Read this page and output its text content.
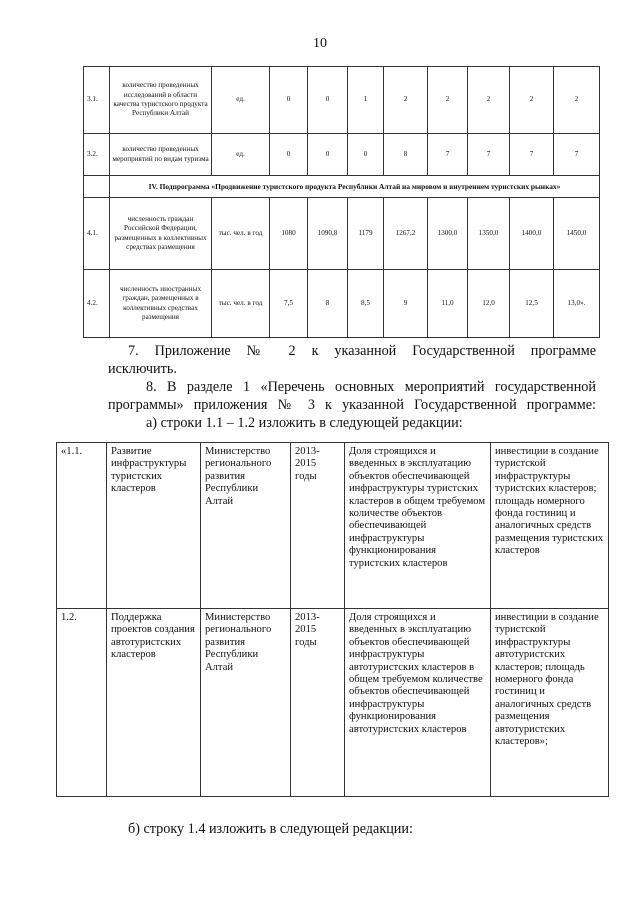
10
3.1.	количество проведенных исследований в области качества туристского продукта Республики Алтай	ед.	0	0	1	2	2	2	2	2
3.2.	количество проведенных мероприятий по видам туризма	ед.	0	0	0	8	7	7	7	7
	IV. Подпрограмма «Продвижение туристского продукта Республики Алтай на мировом и внутреннем туристских рынках»									
4.1.	численность граждан Российской Федерации, размещенных в коллективных средствах размещения	тыс. чел. в год	1080	1090,8	1179	1267,2	1300,0	1350,0	1400,0	1450,0
4.2.	численность иностранных граждан, размещенных в коллективных средствах размещения	тыс. чел. в год	7,5	8	8,5	9	11,0	12,0	12,5	13,0».

7. Приложение № 2 к указанной Государственной программе

исключить.

8. В разделе 1 «Перечень основных мероприятий государственной

программы» приложения № 3 к указанной Государственной программе:

а) строки 1.1 – 1.2 изложить в следующей редакции:

«1.1.	Развитие инфраструктуры туристских кластеров	Министерство регионального развития Республики Алтай	2013-2015 годы	Доля строящихся и введенных в эксплуатацию объектов обеспечивающей инфраструктуры туристских кластеров в общем требуемом количестве объектов обеспечивающей инфраструктуры функционирования туристских кластеров	инвестиции в создание туристской инфраструктуры туристских кластеров; площадь номерного фонда гостиниц и аналогичных средств размещения туристских кластеров
1.2.	Поддержка проектов создания автотуристских кластеров	Министерство регионального развития Республики Алтай	2013-2015 годы	Доля строящихся и введенных в эксплуатацию объектов обеспечивающей инфраструктуры автотуристских кластеров в общем требуемом количестве объектов обеспечивающей инфраструктуры функционирования автотуристских кластеров	инвестиции в создание туристской инфраструктуры автотуристских кластеров; площадь номерного фонда гостиниц и аналогичных средств размещения автотуристских кластеров»;

б) строку 1.4 изложить в следующей редакции:
